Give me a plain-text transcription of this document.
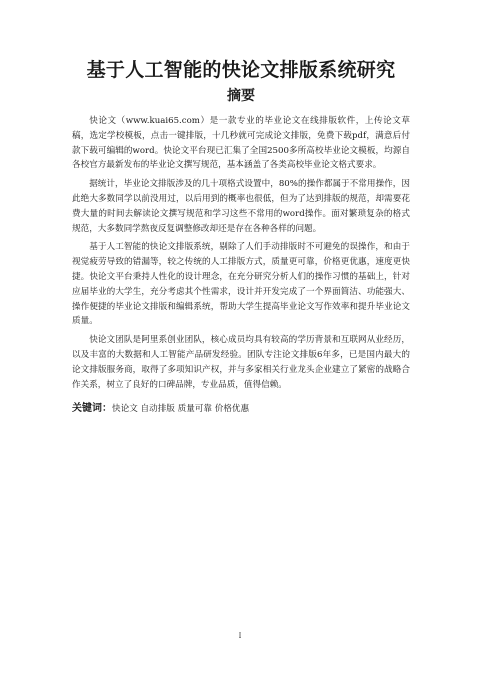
基于人工智能的快论文排版系统研究
摘要

快论文（www.kuai65.com）是一款专业的毕业论文在线排版软件，上传论文草稿，选定学校模板，点击一键排版，十几秒就可完成论文排版，免费下载pdf，满意后付款下载可编辑的word。快论文平台现已汇集了全国2500多所高校毕业论文模板，均源自各校官方最新发布的毕业论文撰写规范，基本涵盖了各类高校毕业论文格式要求。

据统计，毕业论文排版涉及的几十项格式设置中，80%的操作都属于不常用操作，因此绝大多数同学以前没用过，以后用到的概率也很低，但为了达到排版的规范，却需要花费大量的时间去解读论文撰写规范和学习这些不常用的word操作。面对繁琐复杂的格式规范，大多数同学熬夜反复调整修改却还是存在各种各样的问题。

基于人工智能的快论文排版系统，剔除了人们手动排版时不可避免的误操作，和由于视觉疲劳导致的错漏等，较之传统的人工排版方式，质量更可靠，价格更优惠，速度更快捷。快论文平台秉持人性化的设计理念，在充分研究分析人们的操作习惯的基础上，针对应届毕业的大学生，充分考虑其个性需求，设计并开发完成了一个界面简洁、功能强大、操作便捷的毕业论文排版和编辑系统，帮助大学生提高毕业论文写作效率和提升毕业论文质量。

快论文团队是阿里系创业团队，核心成员均具有较高的学历背景和互联网从业经历，以及丰富的大数据和人工智能产品研发经验。团队专注论文排版6年多，已是国内最大的论文排版服务商，取得了多项知识产权，并与多家相关行业龙头企业建立了紧密的战略合作关系，树立了良好的口碑品牌，专业品质，值得信赖。

关键词：快论文 自动排版 质量可靠 价格优惠

I
